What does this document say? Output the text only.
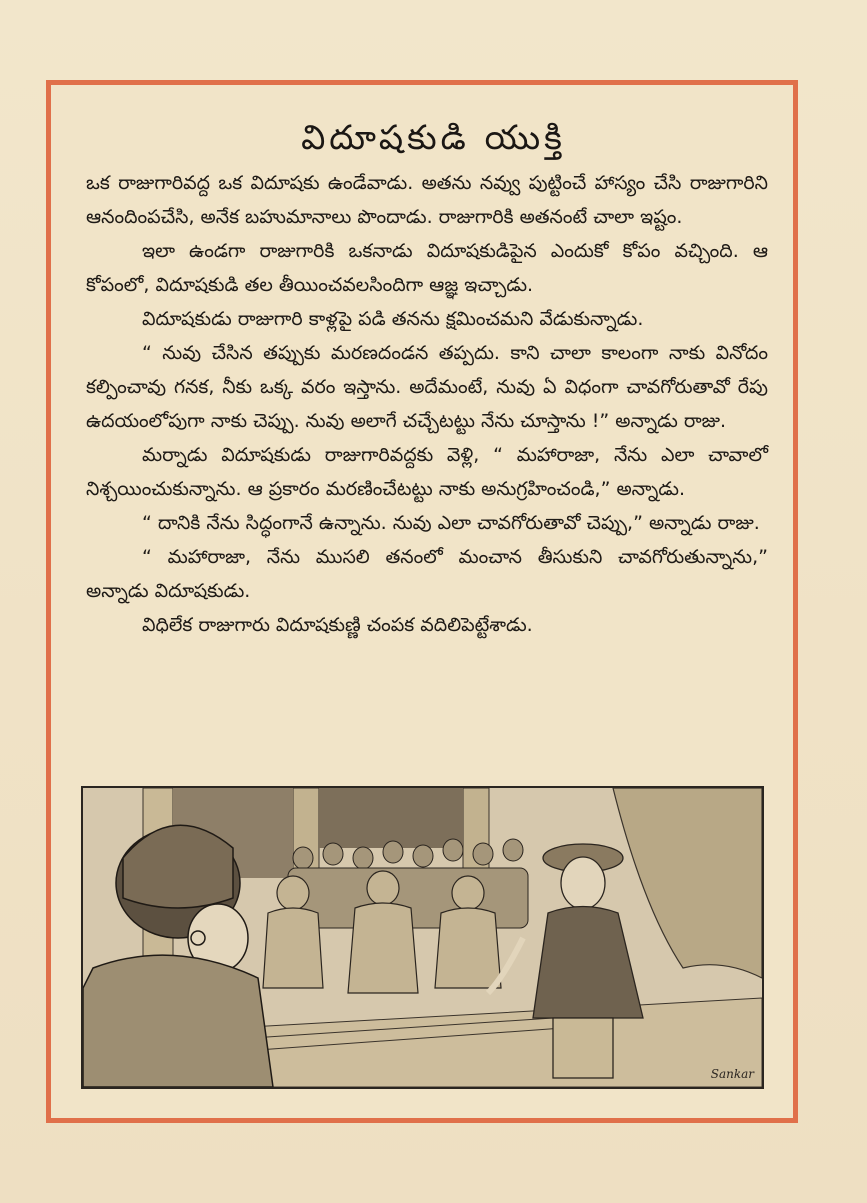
విదూషకుడి యుక్తి

ఒక రాజుగారివద్ద ఒక విదూషకు ఉండేవాడు. అతను నవ్వు పుట్టించే హాస్యం చేసి రాజుగారిని ఆనందింపచేసి, అనేక బహుమానాలు పొందాడు. రాజుగారికి అతనంటే చాలా ఇష్టం.

ఇలా ఉండగా రాజుగారికి ఒకనాడు విదూషకుడిపైన ఎందుకో కోపం వచ్చింది. ఆ కోపంలో, విదూషకుడి తల తీయించవలసిందిగా ఆజ్ఞ ఇచ్చాడు.

విదూషకుడు రాజుగారి కాళ్లపై పడి తనను క్షమించమని వేడుకున్నాడు.

“ నువు చేసిన తప్పుకు మరణదండన తప్పదు. కాని చాలా కాలంగా నాకు వినోదం కల్పించావు గనక, నీకు ఒక్క వరం ఇస్తాను. అదేమంటే, నువు ఏ విధంగా చావగోరుతావో రేపు ఉదయంలోపుగా నాకు చెప్పు. నువు అలాగే చచ్చేటట్టు నేను చూస్తాను !” అన్నాడు రాజు.

మర్నాడు విదూషకుడు రాజుగారివద్దకు వెళ్లి, “ మహారాజా, నేను ఎలా చావాలో నిశ్చయించుకున్నాను. ఆ ప్రకారం మరణించేటట్టు నాకు అనుగ్రహించండి,” అన్నాడు.

“ దానికి నేను సిద్ధంగానే ఉన్నాను. నువు ఎలా చావగోరుతావో చెప్పు,” అన్నాడు రాజు.

“ మహారాజా, నేను ముసలి తనంలో మంచాన తీసుకుని చావగోరుతున్నాను,” అన్నాడు విదూషకుడు.

విధిలేక రాజుగారు విదూషకుణ్ణి చంపక వదిలిపెట్టేశాడు.

Sankar
